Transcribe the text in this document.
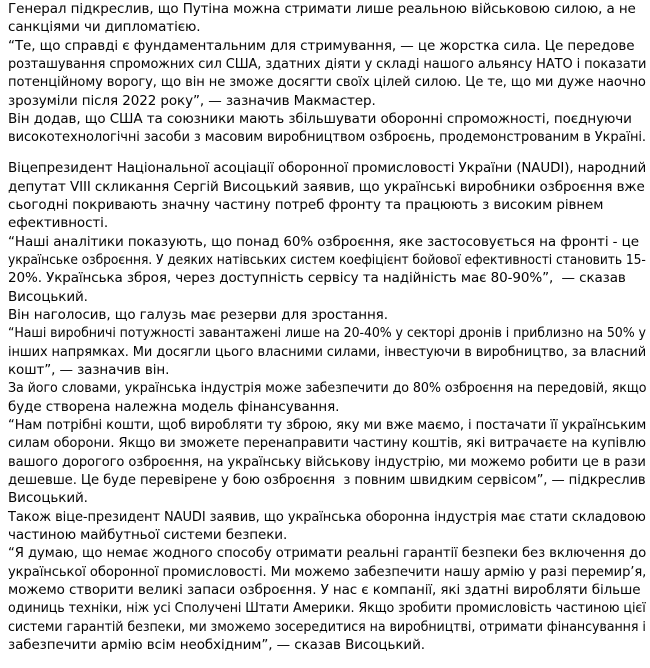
Генерал підкреслив, що Путіна можна стримати лише реальною військовою силою, а не
санкціями чи дипломатією.
“Те, що справді є фундаментальним для стримування, — це жорстка сила. Це передове
розташування спроможних сил США, здатних діяти у складі нашого альянсу НАТО і показати
потенційному ворогу, що він не зможе досягти своїх цілей силою. Це те, що ми дуже наочно
зрозуміли після 2022 року”, — зазначив Макмастер.
Він додав, що США та союзники мають збільшувати оборонні спроможності, поєднуючи
високотехнологічні засоби з масовим виробництвом озброєнь, продемонстрованим в Україні.
Віцепрезидент Національної асоціації оборонної промисловості України (NAUDI), народний
депутат VIII скликання Сергій Висоцький заявив, що українські виробники озброєння вже
сьогодні покривають значну частину потреб фронту та працюють з високим рівнем
ефективності.
“Наші аналітики показують, що понад 60% озброєння, яке застосовується на фронті - це
українське озброєння. У деяких натівських систем коефіцієнт бойової ефективності становить 15-
20%. Українська зброя, через доступність сервісу та надійність має 80-90%”,  — сказав
Висоцький.
Він наголосив, що галузь має резерви для зростання.
“Наші виробничі потужності завантажені лише на 20-40% у секторі дронів і приблизно на 50% у
інших напрямках. Ми досягли цього власними силами, інвестуючи в виробництво, за власний
кошт”, — зазначив він.
За його словами, українська індустрія може забезпечити до 80% озброєння на передовій, якщо
буде створена належна модель фінансування.
“Нам потрібні кошти, щоб виробляти ту зброю, яку ми вже маємо, і постачати її українським
силам оборони. Якщо ви зможете перенаправити частину коштів, які витрачаєте на купівлю
вашого дорогого озброєння, на українську військову індустрію, ми можемо робити це в рази
дешевше. Це буде перевірене у бою озброєння  з повним швидким сервісом”, — підкреслив
Висоцький.
Також віце-президент NAUDI заявив, що українська оборонна індустрія має стати складовою
частиною майбутньої системи безпеки.
“Я думаю, що немає жодного способу отримати реальні гарантії безпеки без включення до
української оборонної промисловості. Ми можемо забезпечити нашу армію у разі перемир’я,
можемо створити великі запаси озброєння. У нас є компанії, які здатні виробляти більше
одиниць техніки, ніж усі Сполучені Штати Америки. Якщо зробити промисловість частиною цієї
системи гарантій безпеки, ми зможемо зосередитися на виробництві, отримати фінансування і
забезпечити армію всім необхідним”, — сказав Висоцький.
